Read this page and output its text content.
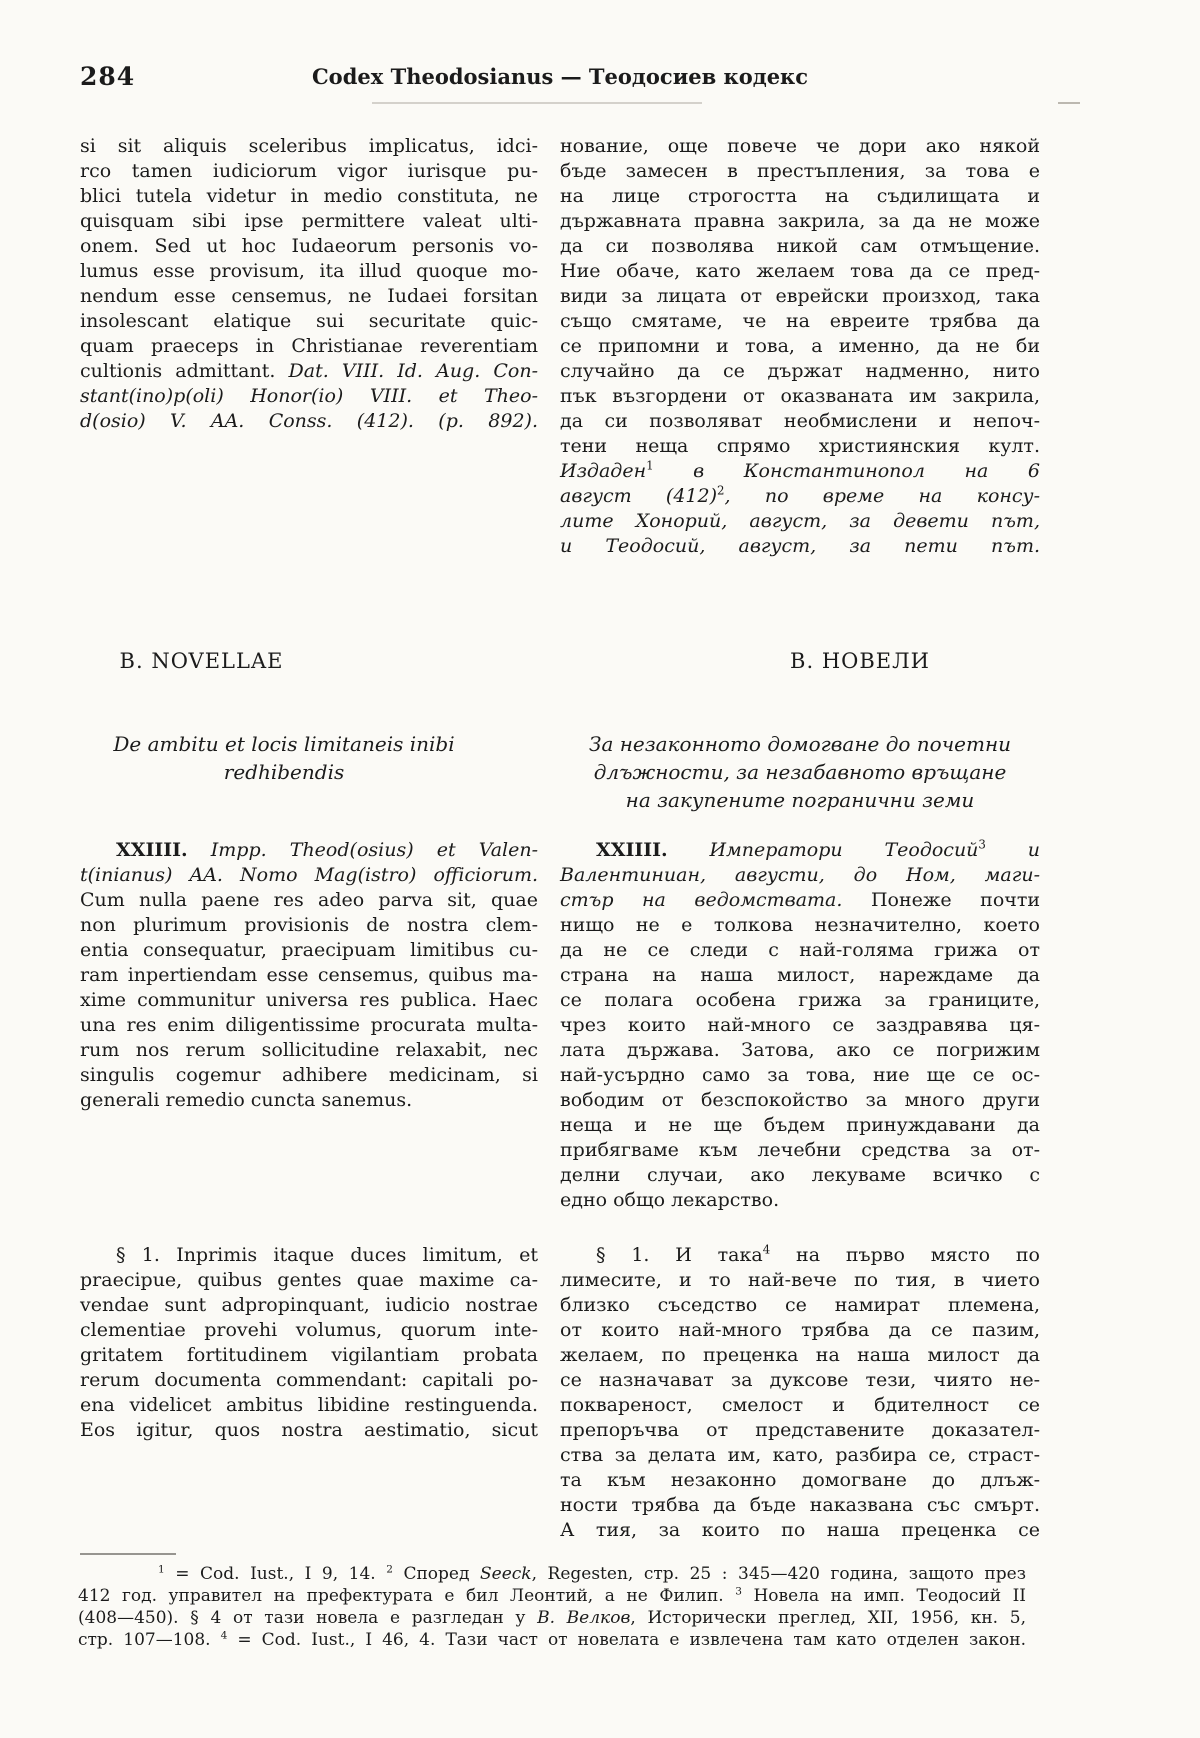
284	Codex Theodosianus — Теодосиев кодекс
si sit aliquis sceleribus implicatus, idci-
rco tamen iudiciorum vigor iurisque pu-
blici tutela videtur in medio constituta, ne
quisquam sibi ipse permittere valeat ulti-
onem. Sed ut hoc Iudaeorum personis vo-
lumus esse provisum, ita illud quoque mo-
nendum esse censemus, ne Iudaei forsitan
insolescant elatique sui securitate quic-
quam praeceps in Christianae reverentiam
cultionis admittant. Dat. VIII. Id. Aug. Con-
stant(ino)p(oli) Honor(io) VIII. et Theo-
d(osio) V. AA. Conss. (412). (p. 892).
B. NOVELLAE
De ambitu et locis limitaneis inibi
redhibendis
XXIIII. Impp. Theod(osius) et Valen-
t(inianus) AA. Nomo Mag(istro) officiorum.
Cum nulla paene res adeo parva sit, quae
non plurimum provisionis de nostra clem-
entia consequatur, praecipuam limitibus cu-
ram inpertiendam esse censemus, quibus ma-
xime communitur universa res publica. Haec
una res enim diligentissime procurata multa-
rum nos rerum sollicitudine relaxabit, nec
singulis cogemur adhibere medicinam, si
generali remedio cuncta sanemus.
§ 1. Inprimis itaque duces limitum, et
praecipue, quibus gentes quae maxime ca-
vendae sunt adpropinquant, iudicio nostrae
clementiae provehi volumus, quorum inte-
gritatem fortitudinem vigilantiam probata
rerum documenta commendant: capitali po-
ena videlicet ambitus libidine restinguenda.
Eos igitur, quos nostra aestimatio, sicut
нование, още повече че дори ако някой
бъде замесен в престъпления, за това е
на лице строгостта на съдилищата и
държавната правна закрила, за да не може
да си позволява никой сам отмъщение.
Ние обаче, като желаем това да се пред-
види за лицата от еврейски произход, така
също смятаме, че на евреите трябва да
се припомни и това, а именно, да не би
случайно да се държат надменно, нито
пък възгордени от оказваната им закрила,
да си позволяват необмислени и непоч-
тени неща спрямо християнския култ.
Издаден$^1$ в Константинопол на 6
август $(412)^2$, по време на консу-
лите Хонорий, август, за девети път,
и Теодосий, август, за пети път.
В. НОВЕЛИ
За незаконното домогване до почетни
длъжности, за незабавното връщане
на закупените погранични земи
XXIIII. Императори Теодосий$^3$ и
Валентиниан, августи, до Ном, маги-
стър на ведомствата. Понеже почти
нищо не е толкова незначително, което
да не се следи с най-голяма грижа от
страна на наша милост, нареждаме да
се полага особена грижа за границите,
чрез които най-много се заздравява ця-
лата държава. Затова, ако се погрижим
най-усърдно само за това, ние ще се ос-
вободим от безспокойство за много други
неща и не ще бъдем принуждавани да
прибягваме към лечебни средства за от-
делни случаи, ако лекуваме всичко с
едно общо лекарство.
§ 1. И така$^4$ на първо място по
лимесите, и то най-вече по тия, в чието
близко съседство се намират племена,
от които най-много трябва да се пазим,
желаем, по преценка на наша милост да
се назначават за дуксове тези, чиято не-
поквареност, смелост и бдителност се
препоръчва от представените доказател-
ства за делата им, като, разбира се, страст-
та към незаконно домогване до длъж-
ности трябва да бъде наказвана със смърт.
А тия, за които по наша преценка се
$^1$ = Cod. Iust., I 9, 14. $^2$ Според Seeck, Regesten, стр. 25 : 345—420 година, защото през
412 год. управител на префектурата е бил Леонтий, а не Филип. $^3$ Новела на имп. Теодосий II
(408—450). § 4 от тази новела е разгледан у В. Велков, Исторически преглед, XII, 1956, кн. 5,
стр. 107—108. $^4$ = Cod. Iust., I 46, 4. Тази част от новелата е извлечена там като отделен закон.
